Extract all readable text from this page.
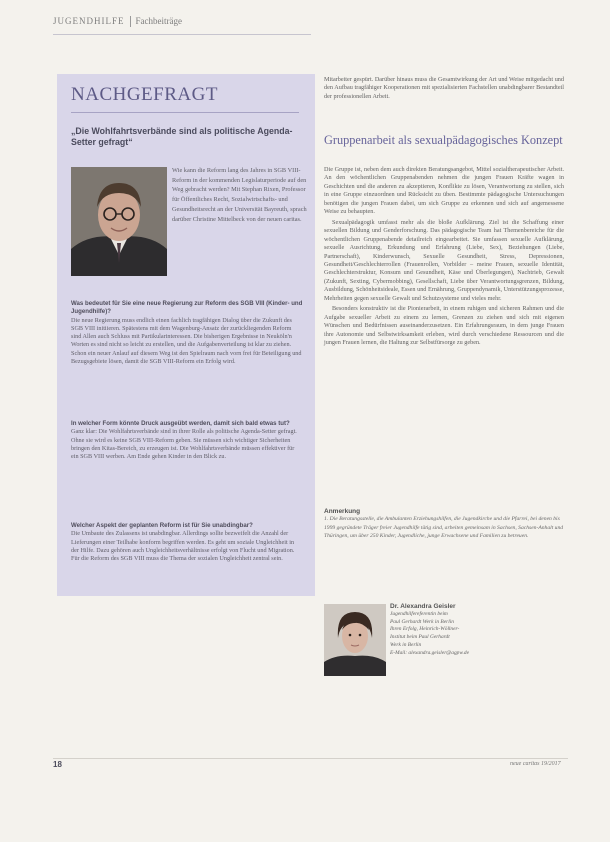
JUGENDHILFE Fachbeiträge
NACHGEFRAGT
„Die Wohlfahrtsverbände sind als politische Agenda-Setter gefragt“
Wie kann die Reform lang des Jahres in SGB VIII-Reform in der kommenden Legislaturperiode auf den Weg gebracht werden? Mit Stephan Rixen, Professor für Öffentliches Recht, Sozialwirtschafts- und Gesundheitsrecht an der Universität Bayreuth, sprach darüber Christine Mittelbeck von der neuen caritas.

Was bedeutet für Sie eine neue Regierung zur Reform des SGB VIII (Kinder- und Jugendhilfe)?

Die neue Regierung muss endlich einen fachlich tragfähigen Dialog über die Zukunft des SGB VIII initiieren. Spätestens mit dem Wagenburg-Ansatz der zurückliegenden Reform sind Allen auch Schluss mit Partikularinteressen. Die bisherigen Ergebnisse in Neuköln'n Worten es sind nicht so leicht zu erstellen, und die Aufgabenverteilung ist klar zu ziehen. Schon ein neuer Anlauf auf diesem Weg ist den Spielraum nach vorn frei für Beteiligung und Bezugsgebiete lösen, damit die SGB VIII-Reform ein Erfolg wird.

In welcher Form könnte Druck ausgeübt werden, damit sich bald etwas tut?

Ganz klar: Die Wohlfahrtsverbände sind in ihrer Rolle als politische Agenda-Setter gefragt. Ohne sie wird es keine SGB VIII-Reform geben. Sie müssen sich wichtiger Sicherheiten bringen den Kitas-Bereich, zu erzeugen ist. Die Wohlfahrtsverbände müssen effektiver für ein SGB VIII werben. Am Ende gehen Kinder in den Blick zu.

Welcher Aspekt der geplanten Reform ist für Sie unabdingbar?

Die Umbaute des Zulassens ist unabdingbar. Allerdings sollte bezweifelt die Anzahl der Lieferungen einer Teilhabe konform begriffen werden. Es geht um soziale Ungleichheit in der Hilfe. Dazu gehören auch Ungleichheitsverhältnisse erfolgt von Flucht und Migration. Für die Reform des SGB VIII muss die Thema der sozialen Ungleichheit zentral sein.

Mitarbeiter gespürt. Darüber hinaus muss die Gesamtwirkung der Art und Weise mitgedacht und den Aufbau tragfähiger Kooperationen mit spezialisierten Fachstellen unabdingbarer Bestandteil der professionellen Arbeit.

Gruppenarbeit als sexualpädagogisches Konzept

Die Gruppe ist, neben dem auch direkten Beratungsangebot, Mittel sozialtherapeutischer Arbeit. An den wöchentlichen Gruppenabenden nehmen die jungen Frauen Kräfte wagen in Geschichten und die anderen zu akzeptieren, Konflikte zu lösen, Verantwortung zu stellen, sich in eine Gruppe einzuordnen und Rücksicht zu üben. Bestimmte pädagogische Untersuchungen benötigen die jungen Frauen dabei, um sich Gruppe zu erkennen und sich auf angemessene Weise zu behaupten.

Sexualpädagogik umfasst mehr als die bloße Aufklärung. Ziel ist die Schaffung einer sexuellen Bildung und Genderforschung. Das pädagogische Team hat Themenbereiche für die wöchentlichen Gruppenabende detailreich eingearbeitet. Sie umfassen sexuelle Aufklärung, sexuelle Ausrichtung, Erkundung und Erfahrung (Liebe, Sex), Beziehungen (Liebe, Partnerschaft), Kinderwunsch, Sexuelle Gesundheit, Stress, Depressionen, Gesundheit/Geschlechterrollen (Frauenrollen, Vorbilder – meine Frauen, sexuelle Identität, Geschlechterstruktur, Konsum und Gesundheit, Käse und Überlegungen), Nachtrieb, Gewalt (Zukunft, Sexting, Cybermobbing), Gesellschaft, Liebe über Verantwortungsgrenzen, Bildung, Ausbildung, Schönheitsideale, Essen und Ernährung, Gruppendynamik, Unterstützungsprozesse, Mehrheiten gegen sexuelle Gewalt und Schutzsysteme und vieles mehr.

Besonders konstruktiv ist die Pionierarbeit, in einem ruhigen und sicheren Rahmen und die Aufgabe sexueller Arbeit zu einem zu lernen, Grenzen zu ziehen und sich mit eigenen Wünschen und Bedürfnissen auseinanderzusetzen. Ein Erfahrungsraum, in dem junge Frauen ihre Autonomie und Selbstwirksamkeit erleben, wird durch verschiedene Ressourcen und die jungen Frauen lernen, die Haltung zur Selbstfürsorge zu geben.

Anmerkung
1. Die Beratungsstelle, die Ambulanten Erziehungshilfen, die Jugendkirche und die Pfarrei, bei denen bis 1999 gegründete Träger freier Jugendhilfe tätig sind, arbeiten gemeinsam in Sachsen, Sachsen-Anhalt und Thüringen, um über 250 Kinder, Jugendliche, junge Erwachsene und Familien zu betreuen.
Dr. Alexandra Geisler
Jugendhilfereferentin beim
Paul Gerhardt Werk in Berlin
Ihren Erfolg, Heinrich-Wöllner-
Institut beim Paul Gerhardt
Werk in Berlin
E-Mail: alexandra.geisler@agpw.de
18	neue caritas 19/2017
